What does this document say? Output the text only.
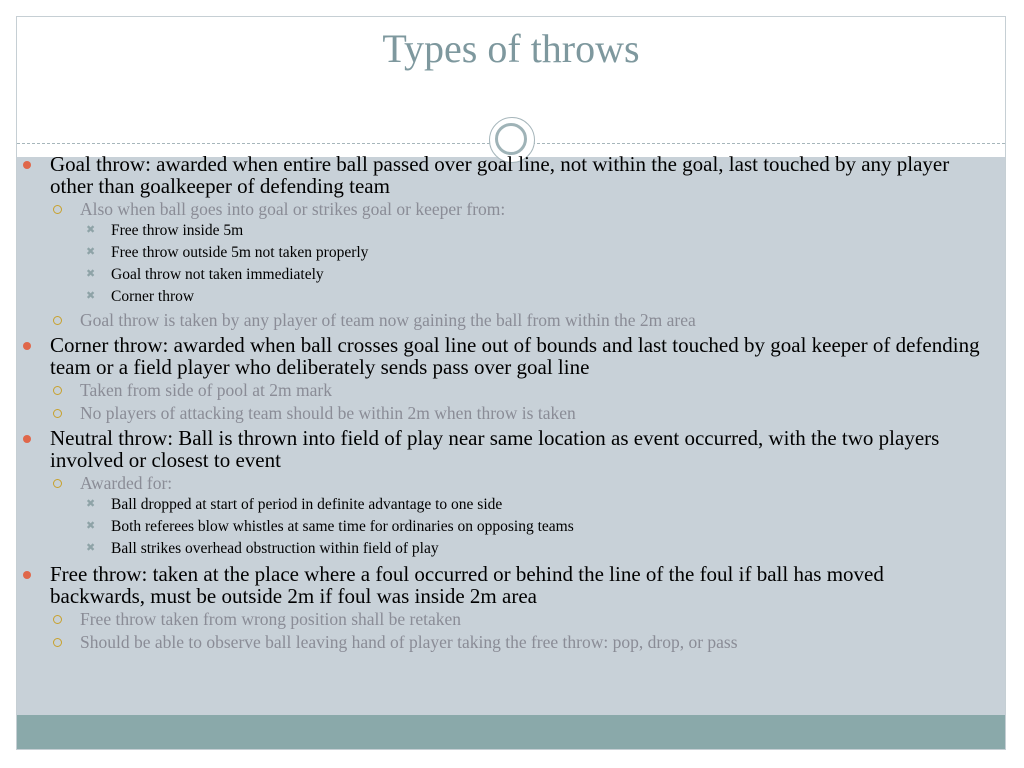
Types of throws
Goal throw: awarded when entire ball passed over goal line, not within the goal, last touched by any player other than goalkeeper of defending team
Also when ball goes into goal or strikes goal or keeper from:
✖ Free throw inside 5m
✖ Free throw outside 5m not taken properly
✖ Goal throw not taken immediately
✖ Corner throw
Goal throw is taken by any player of team now gaining the ball from within the 2m area
Corner throw: awarded when ball crosses goal line out of bounds and last touched by goal keeper of defending team or a field player who deliberately sends pass over goal line
Taken from side of pool at 2m mark
No players of attacking team should be within 2m when throw is taken
Neutral throw: Ball is thrown into field of play near same location as event occurred, with the two players involved or closest to event
Awarded for:
✖ Ball dropped at start of period in definite advantage to one side
✖ Both referees blow whistles at same time for ordinaries on opposing teams
✖ Ball strikes overhead obstruction within field of play
Free throw: taken at the place where a foul occurred or behind the line of the foul if ball has moved backwards, must be outside 2m if foul was inside 2m area
Free throw taken from wrong position shall be retaken
Should be able to observe ball leaving hand of player taking the free throw: pop, drop, or pass
